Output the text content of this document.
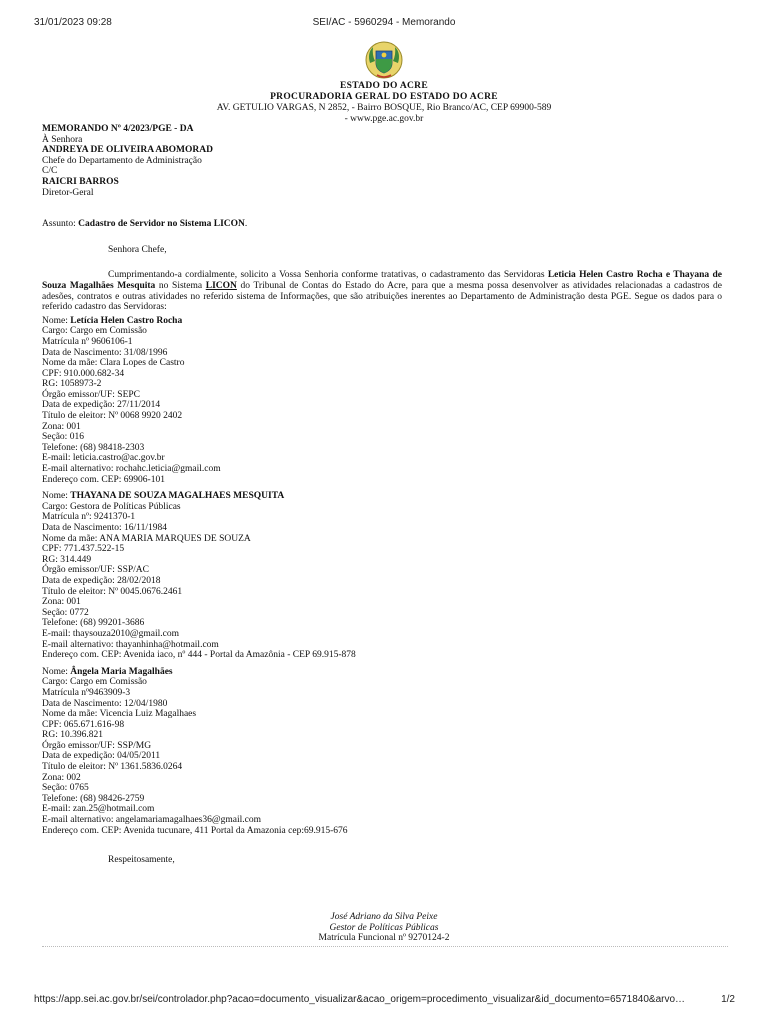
31/01/2023 09:28	SEI/AC - 5960294 - Memorando
ESTADO DO ACRE
PROCURADORIA GERAL DO ESTADO DO ACRE
AV. GETULIO VARGAS, N 2852, - Bairro BOSQUE, Rio Branco/AC, CEP 69900-589
- www.pge.ac.gov.br

MEMORANDO Nº 4/2023/PGE - DA

À Senhora

ANDREYA DE OLIVEIRA ABOMORAD

Chefe do Departamento de Administração

C/C

RAICRI BARROS

Diretor-Geral

Assunto: Cadastro de Servidor no Sistema LICON.

Senhora Chefe,

Cumprimentando-a cordialmente, solicito a Vossa Senhoria conforme tratativas, o cadastramento das Servidoras Leticia Helen Castro Rocha e Thayana de Souza Magalhães Mesquita no Sistema LICON do Tribunal de Contas do Estado do Acre, para que a mesma possa desenvolver as atividades relacionadas a cadastros de adesões, contratos e outras atividades no referido sistema de Informações, que são atribuições inerentes ao Departamento de Administração desta PGE. Segue os dados para o referido cadastro das Servidoras:

Nome: Letícia Helen Castro Rocha

Cargo: Cargo em Comissão

Matrícula nº 9606106-1

Data de Nascimento: 31/08/1996

Nome da mãe: Clara Lopes de Castro

CPF: 910.000.682-34

RG: 1058973-2

Órgão emissor/UF: SEPC

Data de expedição: 27/11/2014

Título de eleitor: Nº 0068 9920 2402

Zona: 001

Seção: 016

Telefone: (68) 98418-2303

E-mail: leticia.castro@ac.gov.br

E-mail alternativo: rochahc.leticia@gmail.com

Endereço com. CEP: 69906-101

Nome: THAYANA DE SOUZA MAGALHAES MESQUITA

Cargo: Gestora de Políticas Públicas

Matrícula nº: 9241370-1

Data de Nascimento: 16/11/1984

Nome da mãe: ANA MARIA MARQUES DE SOUZA

CPF: 771.437.522-15

RG: 314.449

Órgão emissor/UF: SSP/AC

Data de expedição: 28/02/2018

Título de eleitor: Nº 0045.0676.2461

Zona: 001

Seção: 0772

Telefone: (68) 99201-3686

E-mail: thaysouza2010@gmail.com

E-mail alternativo: thayanhinha@hotmail.com

Endereço com. CEP: Avenida iaco, nº 444 - Portal da Amazônia - CEP 69.915-878

Nome: Ângela Maria Magalhães

Cargo: Cargo em Comissão

Matrícula nº9463909-3

Data de Nascimento: 12/04/1980

Nome da mãe: Vicencia Luiz Magalhaes

CPF: 065.671.616-98

RG: 10.396.821

Órgão emissor/UF: SSP/MG

Data de expedição: 04/05/2011

Título de eleitor: Nº 1361.5836.0264

Zona: 002

Seção: 0765

Telefone: (68) 98426-2759

E-mail: zan.25@hotmail.com

E-mail alternativo: angelamariamagalhaes36@gmail.com

Endereço com. CEP: Avenida tucunare, 411 Portal da Amazonia cep:69.915-676

Respeitosamente,

José Adriano da Silva Peixe
Gestor de Políticas Públicas
Matrícula Funcional nº 9270124-2
https://app.sei.ac.gov.br/sei/controlador.php?acao=documento_visualizar&acao_origem=procedimento_visualizar&id_documento=6571840&arvo…	1/2
